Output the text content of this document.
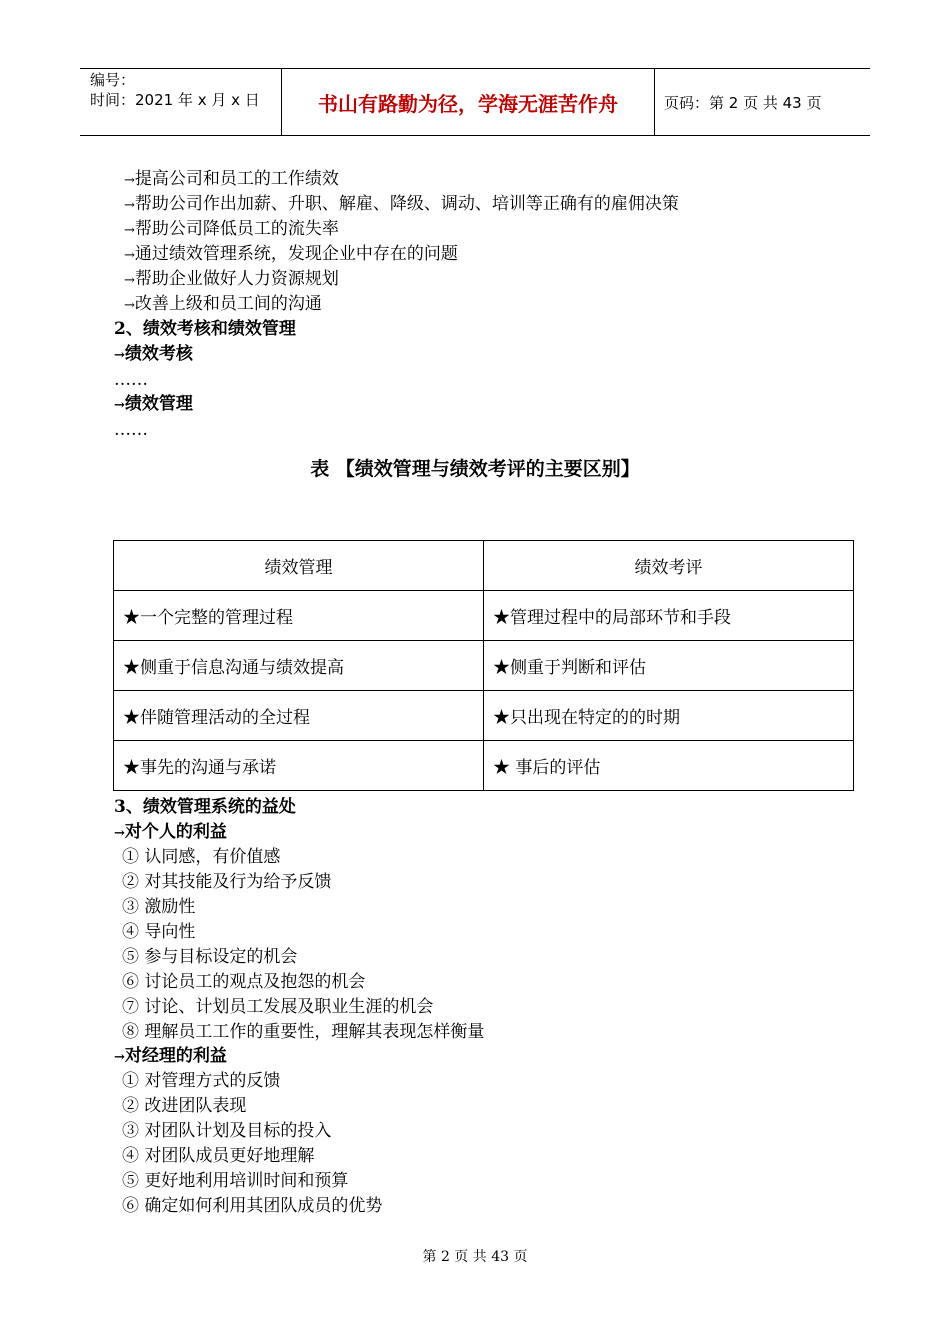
编号：
时间：2021 年 x 月 x 日	书山有路勤为径，学海无涯苦作舟	页码：第 2 页 共 43 页
→提高公司和员工的工作绩效
→帮助公司作出加薪、升职、解雇、降级、调动、培训等正确有的雇佣决策
→帮助公司降低员工的流失率
→通过绩效管理系统，发现企业中存在的问题
→帮助企业做好人力资源规划
→改善上级和员工间的沟通
2、绩效考核和绩效管理
→绩效考核
……
→绩效管理
……
表 【绩效管理与绩效考评的主要区别】
绩效管理	绩效考评
★一个完整的管理过程	★管理过程中的局部环节和手段
★侧重于信息沟通与绩效提高	★侧重于判断和评估
★伴随管理活动的全过程	★只出现在特定的的时期
★事先的沟通与承诺	★ 事后的评估
3、绩效管理系统的益处
→对个人的利益
① 认同感，有价值感
② 对其技能及行为给予反馈
③ 激励性
④ 导向性
⑤ 参与目标设定的机会
⑥ 讨论员工的观点及抱怨的机会
⑦ 讨论、计划员工发展及职业生涯的机会
⑧ 理解员工工作的重要性，理解其表现怎样衡量
→对经理的利益
① 对管理方式的反馈
② 改进团队表现
③ 对团队计划及目标的投入
④ 对团队成员更好地理解
⑤ 更好地利用培训时间和预算
⑥ 确定如何利用其团队成员的优势
第 2 页 共 43 页
